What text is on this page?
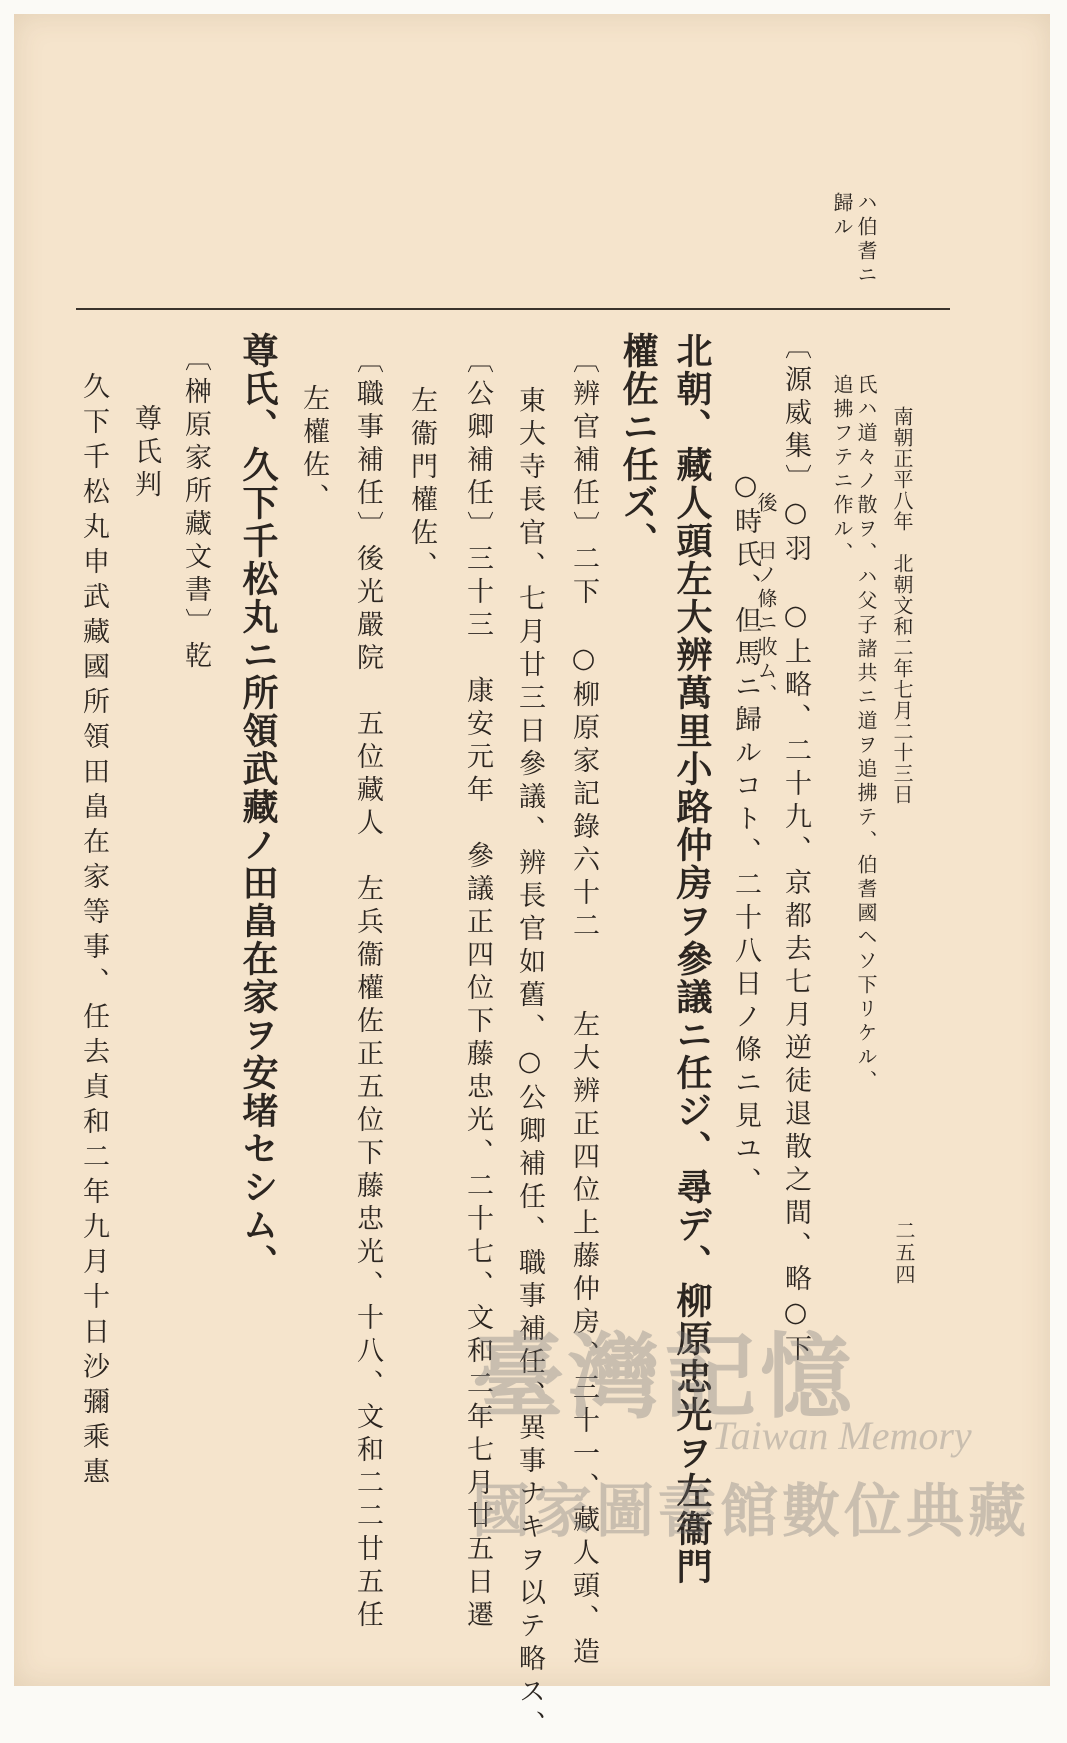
南朝正平八年　北朝文和二年七月二十三日
二五四
ハ伯耆ニ
歸ル
氏ハ道々ノ散ヲ、ハ父子諸共ニ道ヲ追拂テ、伯耆國ヘソ下リケル、
追拂フテニ作ル、
〔源威集〕○羽　○上略、二十九、京都去七月逆徒退散之間、略○下
後　日ノ條ニ收ム、
○時氏、但馬ニ歸ルコト、二十八日ノ條ニ見ユ、
北朝、藏人頭左大辨萬里小路仲房ヲ參議ニ任ジ、尋デ、柳原忠光ヲ左衞門
權佐ニ任ズ、
〔辨官補任〕二下　○柳原家記錄六十二　　左大辨正四位上藤仲房、三十一、藏人頭、造
東大寺長官、七月廿三日參議、辨長官如舊、○公卿補任、職事補任、異事ナキヲ以テ略ス、
〔公卿補任〕三十三　康安元年　參議正四位下藤忠光、二十七、文和二年七月廿五日遷
左衞門權佐、
〔職事補任〕後光嚴院　五位藏人　左兵衞權佐正五位下藤忠光、十八、文和二二廿五任
左權佐、
尊氏、久下千松丸ニ所領武藏ノ田畠在家ヲ安堵セシム、
〔榊原家所藏文書〕乾
尊氏判
久下千松丸申武藏國所領田畠在家等事、任去貞和二年九月十日沙彌乘惠	臺灣記憶
Taiwan Memory
國家圖書館數位典藏
